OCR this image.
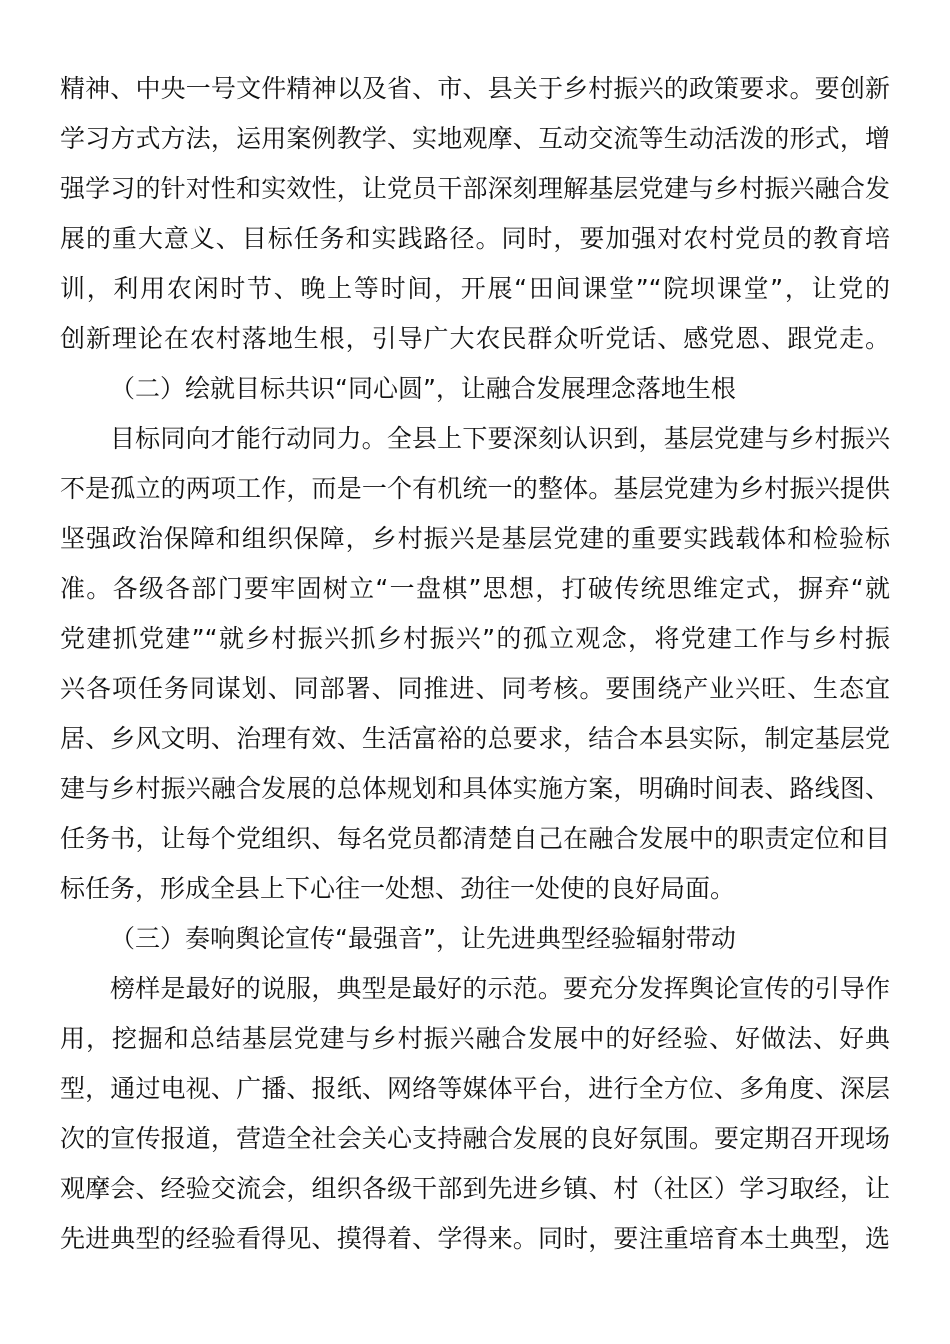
精神、中央一号文件精神以及省、市、县关于乡村振兴的政策要求。要创新
学习方式方法，运用案例教学、实地观摩、互动交流等生动活泼的形式，增
强学习的针对性和实效性，让党员干部深刻理解基层党建与乡村振兴融合发
展的重大意义、目标任务和实践路径。同时，要加强对农村党员的教育培
训，利用农闲时节、晚上等时间，开展“田间课堂”“院坝课堂”，让党的
创新理论在农村落地生根，引导广大农民群众听党话、感党恩、跟党走。
（二）绘就目标共识“同心圆”，让融合发展理念落地生根
目标同向才能行动同力。全县上下要深刻认识到，基层党建与乡村振兴
不是孤立的两项工作，而是一个有机统一的整体。基层党建为乡村振兴提供
坚强政治保障和组织保障，乡村振兴是基层党建的重要实践载体和检验标
准。各级各部门要牢固树立“一盘棋”思想，打破传统思维定式，摒弃“就
党建抓党建”“就乡村振兴抓乡村振兴”的孤立观念，将党建工作与乡村振
兴各项任务同谋划、同部署、同推进、同考核。要围绕产业兴旺、生态宜
居、乡风文明、治理有效、生活富裕的总要求，结合本县实际，制定基层党
建与乡村振兴融合发展的总体规划和具体实施方案，明确时间表、路线图、
任务书，让每个党组织、每名党员都清楚自己在融合发展中的职责定位和目
标任务，形成全县上下心往一处想、劲往一处使的良好局面。
（三）奏响舆论宣传“最强音”，让先进典型经验辐射带动
榜样是最好的说服，典型是最好的示范。要充分发挥舆论宣传的引导作
用，挖掘和总结基层党建与乡村振兴融合发展中的好经验、好做法、好典
型，通过电视、广播、报纸、网络等媒体平台，进行全方位、多角度、深层
次的宣传报道，营造全社会关心支持融合发展的良好氛围。要定期召开现场
观摩会、经验交流会，组织各级干部到先进乡镇、村（社区）学习取经，让
先进典型的经验看得见、摸得着、学得来。同时，要注重培育本土典型，选
